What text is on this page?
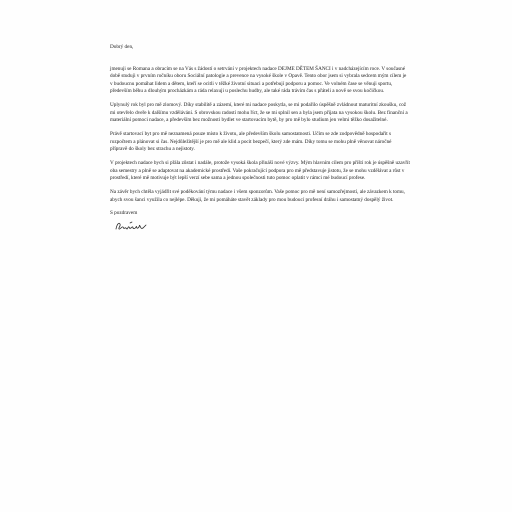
Dobrý den,

jmenuji se Romana a obracím se na Vás s žádostí o setrvání v projektech nadace DEJME DĚTEM ŠANCI i v nadcházejícím roce. V současné době studuji v prvním ročníku oboru Sociální patologie a prevence na vysoké škole v Opavě. Tento obor jsem si vybrala sedcem mým cílem je v budoucnu pomáhat lidem a dětem, kteří se ocitli v těžké životní situaci a potřebují podporu a pomoc. Ve volném čase se věnuji sportu, především běhu a dlouhým procházkám a ráda relaxuji u poslechu hudby, ale také ráda trávím čas s přáteli a nově se svou kočičkou.

Uplynulý rok byl pro mě zlomový. Díky stabilitě a zázemí, které mi nadace poskytla, se mi podařilo úspěšně zvládnout maturitní zkoušku, což mi otevřelo dveře k dalšímu vzdělávání. S obrovskou radostí mohu říct, že se mi splnil sen a byla jsem přijata na vysokou školu. Bez finanční a materiální pomoci nadace, a především bez možnosti bydlet ve startovacím bytě, by pro mě bylo studium jen velmi těžko dosažitelné.

Právě startovací byt pro mě neznamená pouze místo k životu, ale především školu samostatnosti. Učím se zde zodpovědně hospodařit s rozpočtem a plánovat si čas. Nejdůležitější je pro mě ale klid a pocit bezpečí, který zde mám. Díky tomu se mohu plně věnovat náročné přípravě do školy bez strachu a nejistoty.

V projektech nadace bych si přála zůstat i nadále, protože vysoká škola přináší nové výzvy. Mým hlavním cílem pro příští rok je úspěšně uzavřít oba semestry a plně se adaptovat na akademické prostředí. Vaše pokračující podpora pro mě představuje jistotu, že se mohu vzdělávat a růst v prostředí, které mě motivuje být lepší verzí sebe sama a jednou společnosti tuto pomoc oplatit v rámci mé budoucí profese.

Na závěr bych chtěla vyjádřit své poděkování týmu nadace i všem sponzorům. Vaše pomoc pro mě není samozřejmostí, ale závazkem k tomu, abych svou šanci využila co nejlépe. Děkuji, že mi pomáháte stavět základy pro mou budoucí profesní dráhu i samostatný dospělý život.

S pozdravem
